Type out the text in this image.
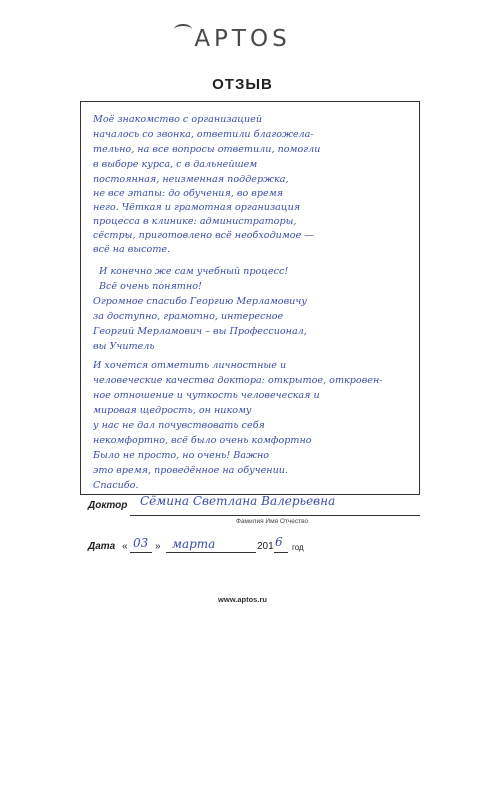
APTOS
ОТЗЫВ
Моё знакомство с организацией
началось со звонка, ответили благожела-
тельно, на все вопросы ответили, помогли
в выборе курса, с в дальнейшем
постоянная, неизменная поддержка,
не все этапы: до обучения, во время
него. Чёткая и грамотная организация
процесса в клинике: администраторы,
сёстры, приготовлено всё необходимое —
всё на высоте.
И конечно же сам учебный процесс!
Всё очень понятно!
Огромное спасибо Георгию Мерламовичу
за доступно, грамотно, интересное
Георгий Мерламович – вы Профессионал,
вы Учитель
И хочется отметить личностные и
человеческие качества доктора: открытое, откровен-
ное отношение и чуткость человеческая и
мировая щедрость, он никому
у нас не дал почувствовать себя
некомфортно, всё было очень комфортно
Было не просто, но очень! Важно
это время, проведённое на обучении.
Спасибо.
Доктор Сёмина Светлана Валерьевна
Фамилия Имя Отчество
Дата « 03 » марта	201 6 год
www.aptos.ru
